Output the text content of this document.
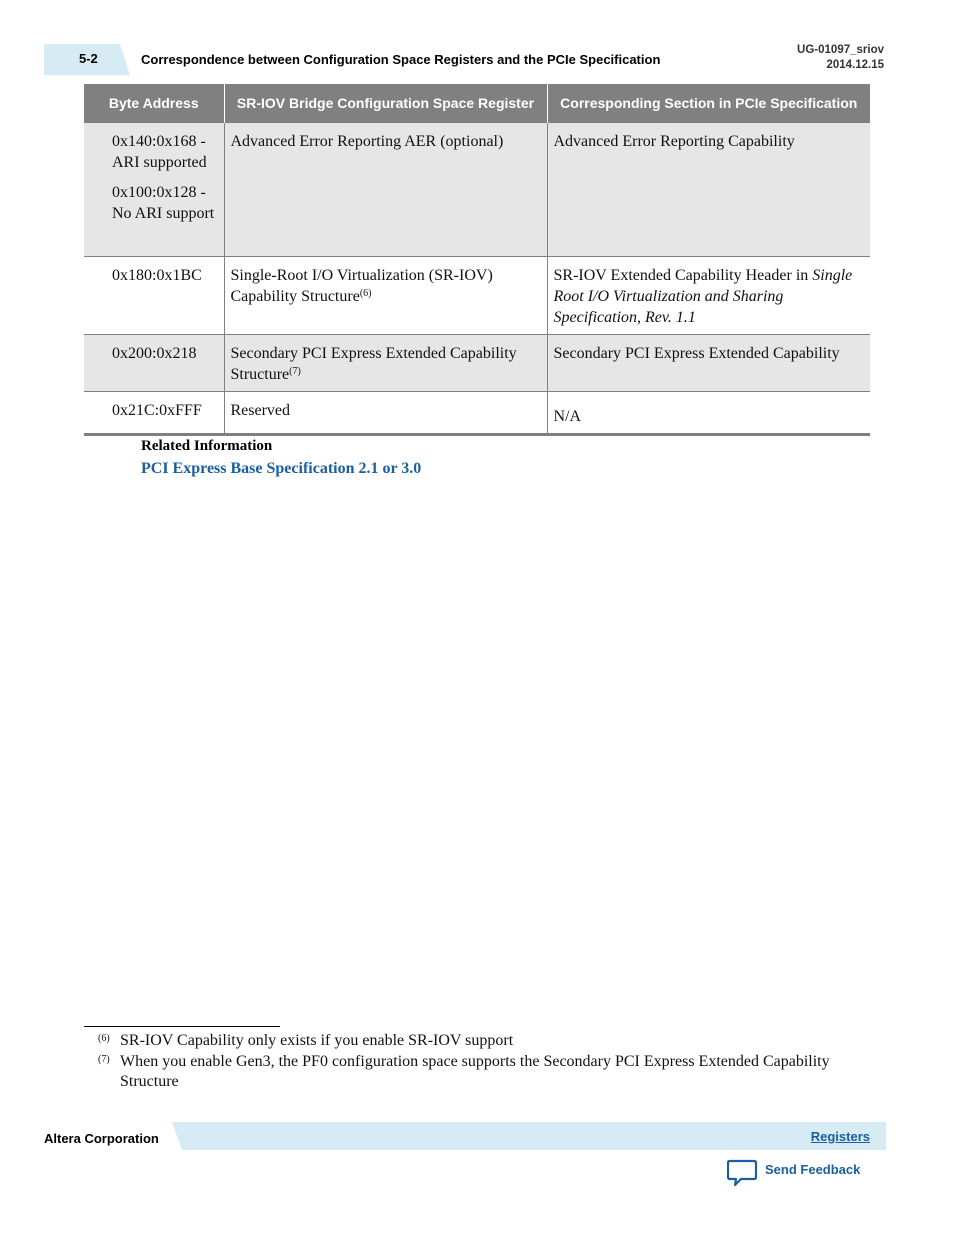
5-2	Correspondence between Configuration Space Registers and the PCIe Specification
UG-01097_sriov
2014.12.15
Byte Address	SR-IOV Bridge Configuration Space Register	Corresponding Section in PCIe Specification

0x140:0x168 - ARI supported
0x100:0x128 - No ARI support	Advanced Error Reporting AER (optional)	Advanced Error Reporting Capability
0x180:0x1BC	Single-Root I/O Virtualization (SR-IOV) Capability Structure$^{(6)}$	SR-IOV Extended Capability Header in Single Root I/O Virtualization and Sharing Specification, Rev. 1.1
0x200:0x218	Secondary PCI Express Extended Capability Structure$^{(7)}$	Secondary PCI Express Extended Capability
0x21C:0xFFF	Reserved	N/A
Related Information
PCI Express Base Specification 2.1 or 3.0
(6) SR-IOV Capability only exists if you enable SR-IOV support
(7) When you enable Gen3, the PF0 configuration space supports the Secondary PCI Express Extended Capability Structure
Altera Corporation	Registers
Send Feedback
